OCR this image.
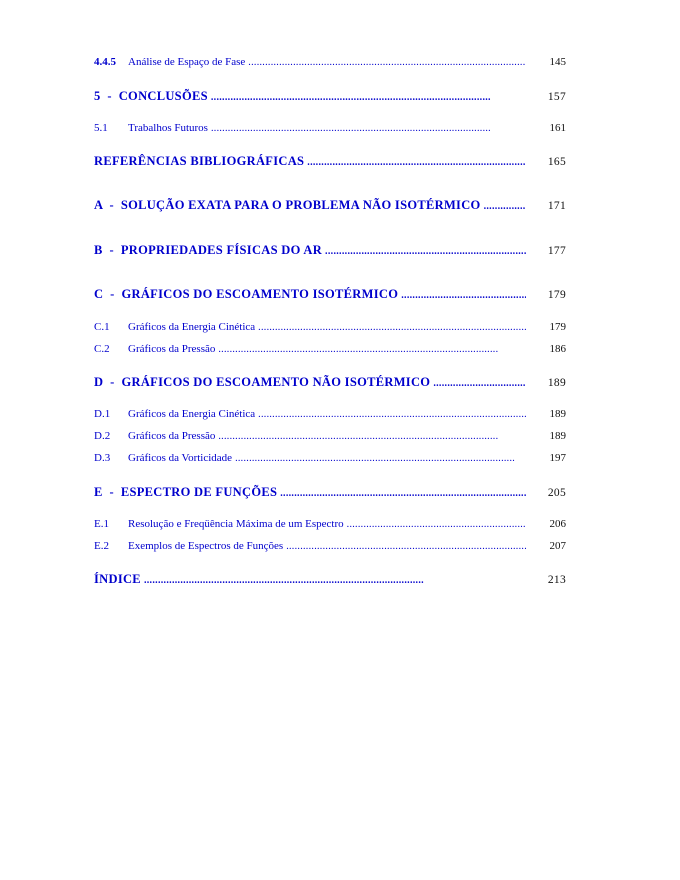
4.4.5	Análise de Espaço de Fase . . .	145
5  - CONCLUSÕES . . .	157
5.1	Trabalhos Futuros . . .	161
REFERÊNCIAS BIBLIOGRÁFICAS . . .	165
A  - SOLUÇÃO EXATA PARA O PROBLEMA NÃO ISOTÉRMICO . . .	171
B  - PROPRIEDADES FÍSICAS DO AR . . .	177
C  - GRÁFICOS DO ESCOAMENTO ISOTÉRMICO . . .	179
C.1	Gráficos da Energia Cinética . . .	179
C.2	Gráficos da Pressão . . .	186
D  - GRÁFICOS DO ESCOAMENTO NÃO ISOTÉRMICO . . .	189
D.1	Gráficos da Energia Cinética . . .	189
D.2	Gráficos da Pressão . . .	189
D.3	Gráficos da Vorticidade . . .	197
E  - ESPECTRO DE FUNÇÕES . . .	205
E.1	Resolução e Freqüência Máxima de um Espectro . . .	206
E.2	Exemplos de Espectros de Funções . . .	207
ÍNDICE . . .	213
